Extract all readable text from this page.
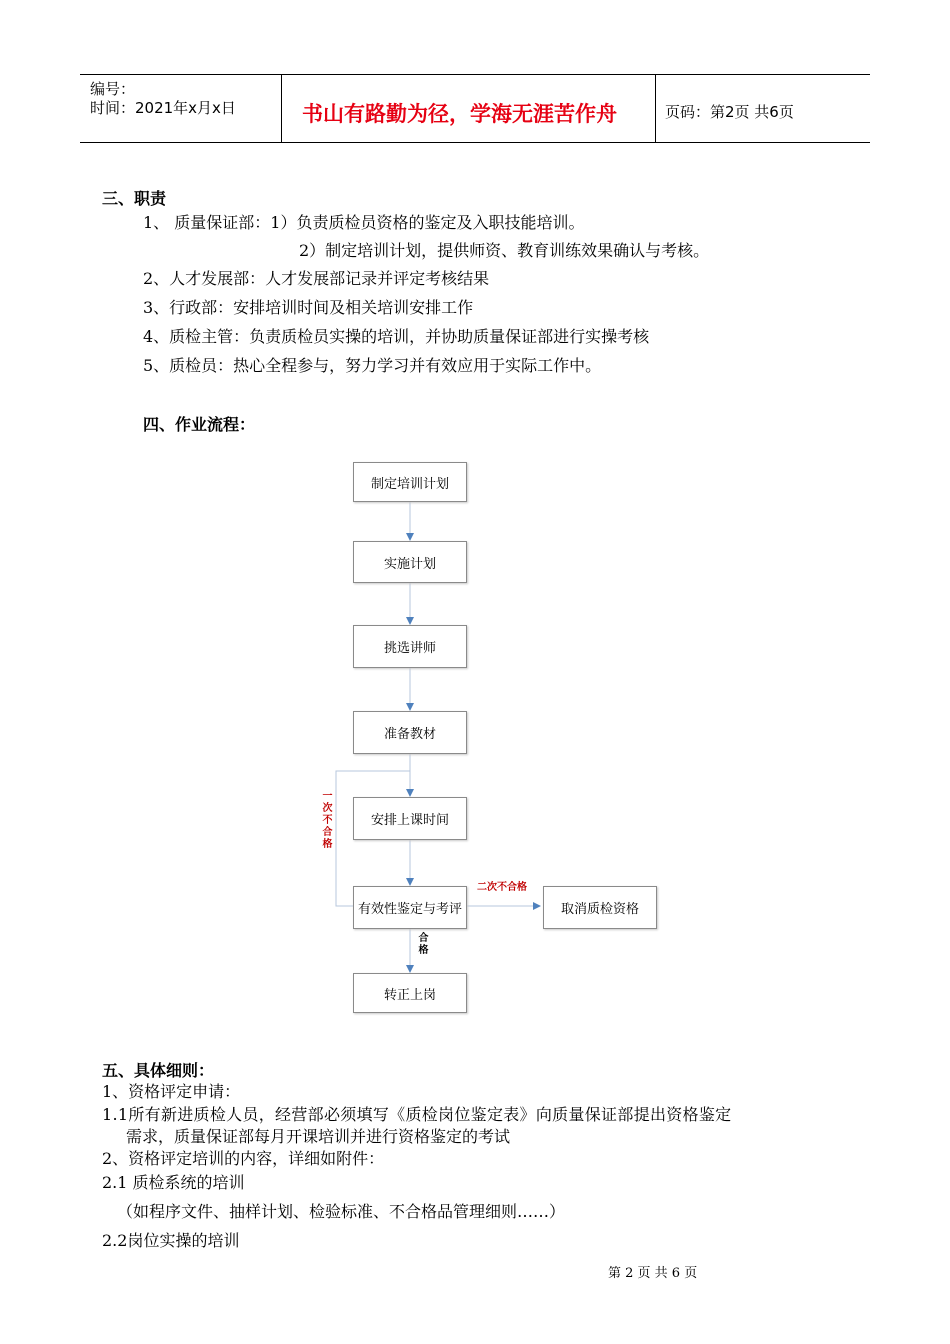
编号：
时间：2021年x月x日	书山有路勤为径，学海无涯苦作舟	页码：第2页 共6页
三、职责
1、 质量保证部：1）负责质检员资格的鉴定及入职技能培训。
2）制定培训计划，提供师资、教育训练效果确认与考核。
2、人才发展部：人才发展部记录并评定考核结果
3、行政部：安排培训时间及相关培训安排工作
4、质检主管：负责质检员实操的培训，并协助质量保证部进行实操考核
5、质检员：热心全程参与，努力学习并有效应用于实际工作中。
四、作业流程：
制定培训计划
实施计划
挑选讲师
准备教材
安排上课时间
有效性鉴定与考评
转正上岗
取消质检资格
一次不合格
二次不合格
合格
五、具体细则：
1、资格评定申请：
1.1所有新进质检人员，经营部必须填写《质检岗位鉴定表》向质量保证部提出资格鉴定
需求，质量保证部每月开课培训并进行资格鉴定的考试
2、资格评定培训的内容，详细如附件：
2.1 质检系统的培训
（如程序文件、抽样计划、检验标准、不合格品管理细则……）
2.2岗位实操的培训
第 2 页 共 6 页
